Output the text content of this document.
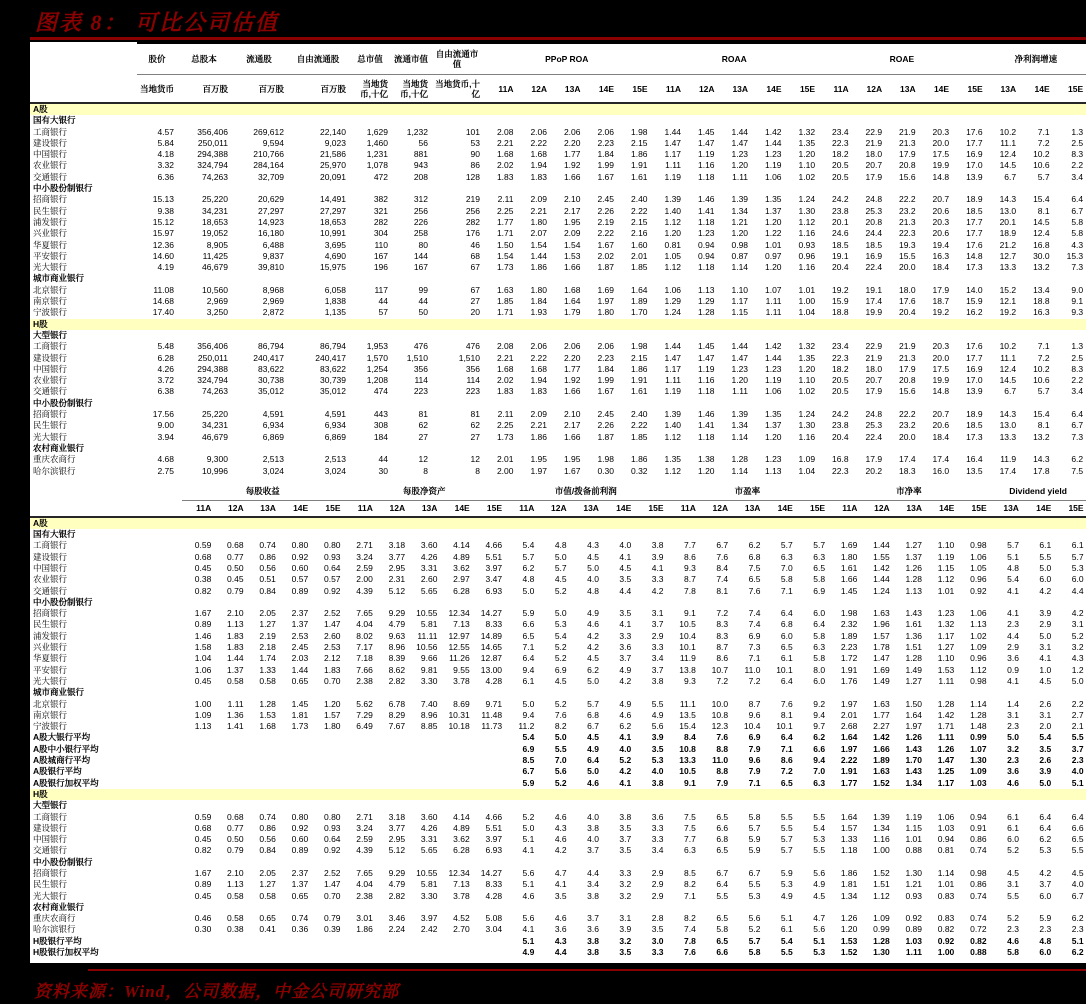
图表 8： 可比公司估值
	股价	总股本	流通股	自由流通股	总市值	流通市值	自由流通市值	PPoP ROA					ROAA					ROAE					净利润增速		
	当地货币	百万股	百万股	百万股	当地货币,十亿	当地货币,十亿	当地货币,十亿	11A	12A	13A	14E	15E	11A	12A	13A	14E	15E	11A	12A	13A	14E	15E	13A	14E	15E
A股																									
国有大银行																									
工商银行	4.57	356,406	269,612	22,140	1,629	1,232	101	2.08	2.06	2.06	2.06	1.98	1.44	1.45	1.44	1.42	1.32	23.4	22.9	21.9	20.3	17.6	10.2	7.1	1.3
建设银行	5.84	250,011	9,594	9,023	1,460	56	53	2.21	2.22	2.20	2.23	2.15	1.47	1.47	1.47	1.44	1.35	22.3	21.9	21.3	20.0	17.7	11.1	7.2	2.5
中国银行	4.18	294,388	210,766	21,586	1,231	881	90	1.68	1.68	1.77	1.84	1.86	1.17	1.19	1.23	1.23	1.20	18.2	18.0	17.9	17.5	16.9	12.4	10.2	8.3
农业银行	3.32	324,794	284,164	25,970	1,078	943	86	2.02	1.94	1.92	1.99	1.91	1.11	1.16	1.20	1.19	1.10	20.5	20.7	20.8	19.9	17.0	14.5	10.6	2.2
交通银行	6.36	74,263	32,709	20,091	472	208	128	1.83	1.83	1.66	1.67	1.61	1.19	1.18	1.11	1.06	1.02	20.5	17.9	15.6	14.8	13.9	6.7	5.7	3.4
中小股份制银行																									
招商银行	15.13	25,220	20,629	14,491	382	312	219	2.11	2.09	2.10	2.45	2.40	1.39	1.46	1.39	1.35	1.24	24.2	24.8	22.2	20.7	18.9	14.3	15.4	6.4
民生银行	9.38	34,231	27,297	27,297	321	256	256	2.25	2.21	2.17	2.26	2.22	1.40	1.41	1.34	1.37	1.30	23.8	25.3	23.2	20.6	18.5	13.0	8.1	6.7
浦发银行	15.12	18,653	14,923	18,653	282	226	282	1.77	1.80	1.95	2.19	2.15	1.12	1.18	1.21	1.20	1.12	20.1	20.8	21.3	20.3	17.7	20.1	14.5	5.8
兴业银行	15.97	19,052	16,180	10,991	304	258	176	1.71	2.07	2.09	2.22	2.16	1.20	1.23	1.20	1.22	1.16	24.6	24.4	22.3	20.6	17.7	18.9	12.4	5.8
华夏银行	12.36	8,905	6,488	3,695	110	80	46	1.50	1.54	1.54	1.67	1.60	0.81	0.94	0.98	1.01	0.93	18.5	18.5	19.3	19.4	17.6	21.2	16.8	4.3
平安银行	14.60	11,425	9,837	4,690	167	144	68	1.54	1.44	1.53	2.02	2.01	1.05	0.94	0.87	0.97	0.96	19.1	16.9	15.5	16.3	14.8	12.7	30.0	15.3
光大银行	4.19	46,679	39,810	15,975	196	167	67	1.73	1.86	1.66	1.87	1.85	1.12	1.18	1.14	1.20	1.16	20.4	22.4	20.0	18.4	17.3	13.3	13.2	7.3
城市商业银行																									
北京银行	11.08	10,560	8,968	6,058	117	99	67	1.63	1.80	1.68	1.69	1.64	1.06	1.13	1.10	1.07	1.01	19.2	19.1	18.0	17.9	14.0	15.2	13.4	9.0
南京银行	14.68	2,969	2,969	1,838	44	44	27	1.85	1.84	1.64	1.97	1.89	1.29	1.29	1.17	1.11	1.00	15.9	17.4	17.6	18.7	15.9	12.1	18.8	9.1
宁波银行	17.40	3,250	2,872	1,135	57	50	20	1.71	1.93	1.79	1.80	1.70	1.24	1.28	1.15	1.11	1.04	18.8	19.9	20.4	19.2	16.2	19.2	16.3	9.3
H股																									
大型银行																									
工商银行	5.48	356,406	86,794	86,794	1,953	476	476	2.08	2.06	2.06	2.06	1.98	1.44	1.45	1.44	1.42	1.32	23.4	22.9	21.9	20.3	17.6	10.2	7.1	1.3
建设银行	6.28	250,011	240,417	240,417	1,570	1,510	1,510	2.21	2.22	2.20	2.23	2.15	1.47	1.47	1.47	1.44	1.35	22.3	21.9	21.3	20.0	17.7	11.1	7.2	2.5
中国银行	4.26	294,388	83,622	83,622	1,254	356	356	1.68	1.68	1.77	1.84	1.86	1.17	1.19	1.23	1.23	1.20	18.2	18.0	17.9	17.5	16.9	12.4	10.2	8.3
农业银行	3.72	324,794	30,738	30,739	1,208	114	114	2.02	1.94	1.92	1.99	1.91	1.11	1.16	1.20	1.19	1.10	20.5	20.7	20.8	19.9	17.0	14.5	10.6	2.2
交通银行	6.38	74,263	35,012	35,012	474	223	223	1.83	1.83	1.66	1.67	1.61	1.19	1.18	1.11	1.06	1.02	20.5	17.9	15.6	14.8	13.9	6.7	5.7	3.4
中小股份制银行																									
招商银行	17.56	25,220	4,591	4,591	443	81	81	2.11	2.09	2.10	2.45	2.40	1.39	1.46	1.39	1.35	1.24	24.2	24.8	22.2	20.7	18.9	14.3	15.4	6.4
民生银行	9.00	34,231	6,934	6,934	308	62	62	2.25	2.21	2.17	2.26	2.22	1.40	1.41	1.34	1.37	1.30	23.8	25.3	23.2	20.6	18.5	13.0	8.1	6.7
光大银行	3.94	46,679	6,869	6,869	184	27	27	1.73	1.86	1.66	1.87	1.85	1.12	1.18	1.14	1.20	1.16	20.4	22.4	20.0	18.4	17.3	13.3	13.2	7.3
农村商业银行																									
重庆农商行	4.68	9,300	2,513	2,513	44	12	12	2.01	1.95	1.95	1.98	1.86	1.35	1.38	1.28	1.23	1.09	16.8	17.9	17.4	17.4	16.4	11.9	14.3	6.2
哈尔滨银行	2.75	10,996	3,024	3,024	30	8	8	2.00	1.97	1.67	0.30	0.32	1.12	1.20	1.14	1.13	1.04	22.3	20.2	18.3	16.0	13.5	17.4	17.8	7.5
	每股收益					每股净资产					市值/拨备前利润					市盈率					市净率					Dividend yield		
	11A	12A	13A	14E	15E	11A	12A	13A	14E	15E	11A	12A	13A	14E	15E	11A	12A	13A	14E	15E	11A	12A	13A	14E	15E	13A	14E	15E
A股																												
国有大银行																												
工商银行	0.59	0.68	0.74	0.80	0.80	2.71	3.18	3.60	4.14	4.66	5.4	4.8	4.3	4.0	3.8	7.7	6.7	6.2	5.7	5.7	1.69	1.44	1.27	1.10	0.98	5.7	6.1	6.1
建设银行	0.68	0.77	0.86	0.92	0.93	3.24	3.77	4.26	4.89	5.51	5.7	5.0	4.5	4.1	3.9	8.6	7.6	6.8	6.3	6.3	1.80	1.55	1.37	1.19	1.06	5.1	5.5	5.7
中国银行	0.45	0.50	0.56	0.60	0.64	2.59	2.95	3.31	3.62	3.97	6.2	5.7	5.0	4.5	4.1	9.3	8.4	7.5	7.0	6.5	1.61	1.42	1.26	1.15	1.05	4.8	5.0	5.3
农业银行	0.38	0.45	0.51	0.57	0.57	2.00	2.31	2.60	2.97	3.47	4.8	4.5	4.0	3.5	3.3	8.7	7.4	6.5	5.8	5.8	1.66	1.44	1.28	1.12	0.96	5.4	6.0	6.0
交通银行	0.82	0.79	0.84	0.89	0.92	4.39	5.12	5.65	6.28	6.93	5.0	5.2	4.8	4.4	4.2	7.8	8.1	7.6	7.1	6.9	1.45	1.24	1.13	1.01	0.92	4.1	4.2	4.4
中小股份制银行																												
招商银行	1.67	2.10	2.05	2.37	2.52	7.65	9.29	10.55	12.34	14.27	5.9	5.0	4.9	3.5	3.1	9.1	7.2	7.4	6.4	6.0	1.98	1.63	1.43	1.23	1.06	4.1	3.9	4.2
民生银行	0.89	1.13	1.27	1.37	1.47	4.04	4.79	5.81	7.13	8.33	6.6	5.3	4.6	4.1	3.7	10.5	8.3	7.4	6.8	6.4	2.32	1.96	1.61	1.32	1.13	2.3	2.9	3.1
浦发银行	1.46	1.83	2.19	2.53	2.60	8.02	9.63	11.11	12.97	14.89	6.5	5.4	4.2	3.3	2.9	10.4	8.3	6.9	6.0	5.8	1.89	1.57	1.36	1.17	1.02	4.4	5.0	5.2
兴业银行	1.58	1.83	2.18	2.45	2.53	7.17	8.96	10.56	12.55	14.65	7.1	5.2	4.2	3.6	3.3	10.1	8.7	7.3	6.5	6.3	2.23	1.78	1.51	1.27	1.09	2.9	3.1	3.2
华夏银行	1.04	1.44	1.74	2.03	2.12	7.18	8.39	9.66	11.26	12.87	6.4	5.2	4.5	3.7	3.4	11.9	8.6	7.1	6.1	5.8	1.72	1.47	1.28	1.10	0.96	3.6	4.1	4.3
平安银行	1.06	1.37	1.33	1.44	1.83	7.66	8.62	9.81	9.55	13.00	9.4	6.9	6.2	4.9	3.7	13.8	10.7	11.0	10.1	8.0	1.91	1.69	1.49	1.53	1.12	0.9	1.0	1.2
光大银行	0.45	0.58	0.58	0.65	0.70	2.38	2.82	3.30	3.78	4.28	6.1	4.5	5.0	4.2	3.8	9.3	7.2	7.2	6.4	6.0	1.76	1.49	1.27	1.11	0.98	4.1	4.5	5.0
城市商业银行																												
北京银行	1.00	1.11	1.28	1.45	1.20	5.62	6.78	7.40	8.69	9.71	5.0	5.2	5.7	4.9	5.5	11.1	10.0	8.7	7.6	9.2	1.97	1.63	1.50	1.28	1.14	1.4	2.6	2.2
南京银行	1.09	1.36	1.53	1.81	1.57	7.29	8.29	8.96	10.31	11.48	9.4	7.6	6.8	4.6	4.9	13.5	10.8	9.6	8.1	9.4	2.01	1.77	1.64	1.42	1.28	3.1	3.1	2.7
宁波银行	1.13	1.41	1.68	1.73	1.80	6.49	7.67	8.85	10.18	11.73	11.2	8.2	6.7	6.2	5.6	15.4	12.3	10.4	10.1	9.7	2.68	2.27	1.97	1.71	1.48	2.3	2.0	2.1
A股大银行平均											5.4	5.0	4.5	4.1	3.9	8.4	7.6	6.9	6.4	6.2	1.64	1.42	1.26	1.11	0.99	5.0	5.4	5.5
A股中小银行平均											6.9	5.5	4.9	4.0	3.5	10.8	8.8	7.9	7.1	6.6	1.97	1.66	1.43	1.26	1.07	3.2	3.5	3.7
A股城商行平均											8.5	7.0	6.4	5.2	5.3	13.3	11.0	9.6	8.6	9.4	2.22	1.89	1.70	1.47	1.30	2.3	2.6	2.3
A股银行平均											6.7	5.6	5.0	4.2	4.0	10.5	8.8	7.9	7.2	7.0	1.91	1.63	1.43	1.25	1.09	3.6	3.9	4.0
A股银行加权平均											5.9	5.2	4.6	4.1	3.8	9.1	7.9	7.1	6.5	6.3	1.77	1.52	1.34	1.17	1.03	4.6	5.0	5.1
H股																												
大型银行																												
工商银行	0.59	0.68	0.74	0.80	0.80	2.71	3.18	3.60	4.14	4.66	5.2	4.6	4.0	3.8	3.6	7.5	6.5	5.8	5.5	5.5	1.64	1.39	1.19	1.06	0.94	6.1	6.4	6.4
建设银行	0.68	0.77	0.86	0.92	0.93	3.24	3.77	4.26	4.89	5.51	5.0	4.3	3.8	3.5	3.3	7.5	6.6	5.7	5.5	5.4	1.57	1.34	1.15	1.03	0.91	6.1	6.4	6.6
中国银行	0.45	0.50	0.56	0.60	0.64	2.59	2.95	3.31	3.62	3.97	5.1	4.6	4.0	3.7	3.3	7.7	6.8	5.9	5.7	5.3	1.33	1.16	1.01	0.94	0.86	6.0	6.2	6.5
交通银行	0.82	0.79	0.84	0.89	0.92	4.39	5.12	5.65	6.28	6.93	4.1	4.2	3.7	3.5	3.4	6.3	6.5	5.9	5.7	5.5	1.18	1.00	0.88	0.81	0.74	5.2	5.3	5.5
中小股份制银行																												
招商银行	1.67	2.10	2.05	2.37	2.52	7.65	9.29	10.55	12.34	14.27	5.6	4.7	4.4	3.3	2.9	8.5	6.7	6.7	5.9	5.6	1.86	1.52	1.30	1.14	0.98	4.5	4.2	4.5
民生银行	0.89	1.13	1.27	1.37	1.47	4.04	4.79	5.81	7.13	8.33	5.1	4.1	3.4	3.2	2.9	8.2	6.4	5.5	5.3	4.9	1.81	1.51	1.21	1.01	0.86	3.1	3.7	4.0
光大银行	0.45	0.58	0.58	0.65	0.70	2.38	2.82	3.30	3.78	4.28	4.6	3.5	3.8	3.2	2.9	7.1	5.5	5.3	4.9	4.5	1.34	1.12	0.93	0.83	0.74	5.5	6.0	6.7
农村商业银行																												
重庆农商行	0.46	0.58	0.65	0.74	0.79	3.01	3.46	3.97	4.52	5.08	5.6	4.6	3.7	3.1	2.8	8.2	6.5	5.6	5.1	4.7	1.26	1.09	0.92	0.83	0.74	5.2	5.9	6.2
哈尔滨银行	0.30	0.38	0.41	0.36	0.39	1.86	2.24	2.42	2.70	3.04	4.1	3.6	3.6	3.9	3.5	7.4	5.8	5.2	6.1	5.6	1.20	0.99	0.89	0.82	0.72	2.3	2.3	2.3
H股银行平均											5.1	4.3	3.8	3.2	3.0	7.8	6.5	5.7	5.4	5.1	1.53	1.28	1.03	0.92	0.82	4.6	4.8	5.1
H股银行加权平均											4.9	4.4	3.8	3.5	3.3	7.6	6.6	5.8	5.5	5.3	1.52	1.30	1.11	1.00	0.88	5.8	6.0	6.2
资料来源：Wind，公司数据，中金公司研究部
